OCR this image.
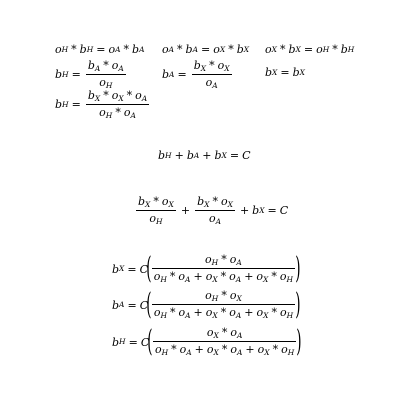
o H * b H = o A * b A o A * b A = o X * b X o X * b X = o H * b H
b $H = \frac{b_A * o_A}{o_H}$	b $A = \frac{b_X * o_X}{o_A}$	b X = b X
b $H = \frac{b_X * o_X * o_A}{o_H * o_A}$
b H + b A + b X = C
$\frac{b_X * o_X}{o_H} + \frac{b_X * o_X}{o_A} + b$ X = C
b X = C
( $\frac{o_H * o_A}{o_H * o_A + o_X * o_A + o_X * o_H}$ )
b A = C
( $\frac{o_H * o_X}{o_H * o_A + o_X * o_A + o_X * o_H}$ )
b H = C
( $\frac{o_X * o_A}{o_H * o_A + o_X * o_A + o_X * o_H}$ )
